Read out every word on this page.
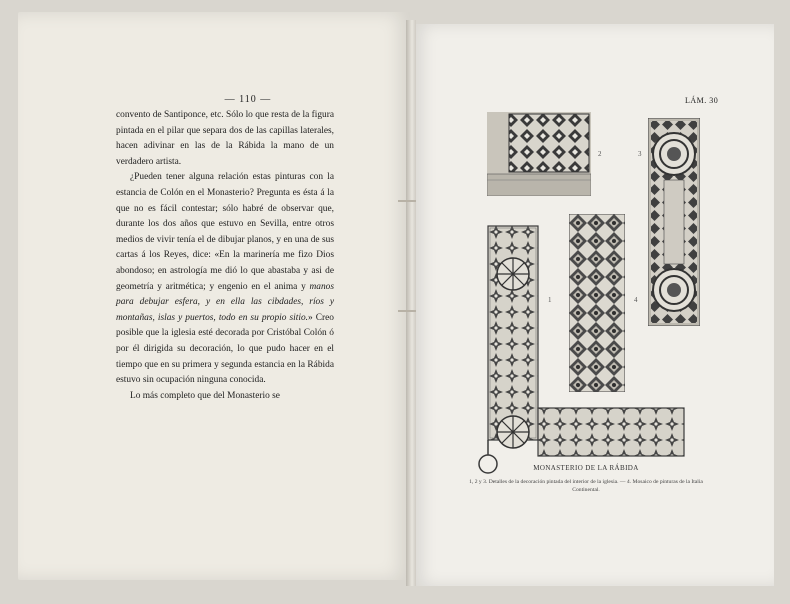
— 110 —

convento de Santiponce, etc. Sólo lo que resta de la figura pintada en el pilar que separa dos de las capillas laterales, hacen adivinar en las de la Rábida la mano de un verdadero artista.

¿Pueden tener alguna relación estas pinturas con la estancia de Colón en el Monasterio? Pregunta es ésta á la que no es fácil contestar; sólo habré de observar que, durante los dos años que estuvo en Sevilla, entre otros medios de vivir tenía el de dibujar planos, y en una de sus cartas á los Reyes, dice: «En la marinería me fizo Dios abondoso; en astrología me dió lo que abastaba y asi de geometría y aritmética; y engenio en el anima y manos para debujar esfera, y en ella las cibdades, ríos y montañas, islas y puertos, todo en su propio sitio.» Creo posible que la iglesia esté decorada por Cristóbal Colón ó por él dirigida su decoración, lo que pudo hacer en el tiempo que en su primera y segunda estancia en la Rábida estuvo sin ocupación ninguna conocida.

Lo más completo que del Monasterio se

LÁM. 30
2	3
4
1
MONASTERIO DE LA RÁBIDA
1, 2 y 3. Detalles de la decoración pintada del interior de la iglesia. — 4. Mosaico de pinturas de la Italia Continental.
